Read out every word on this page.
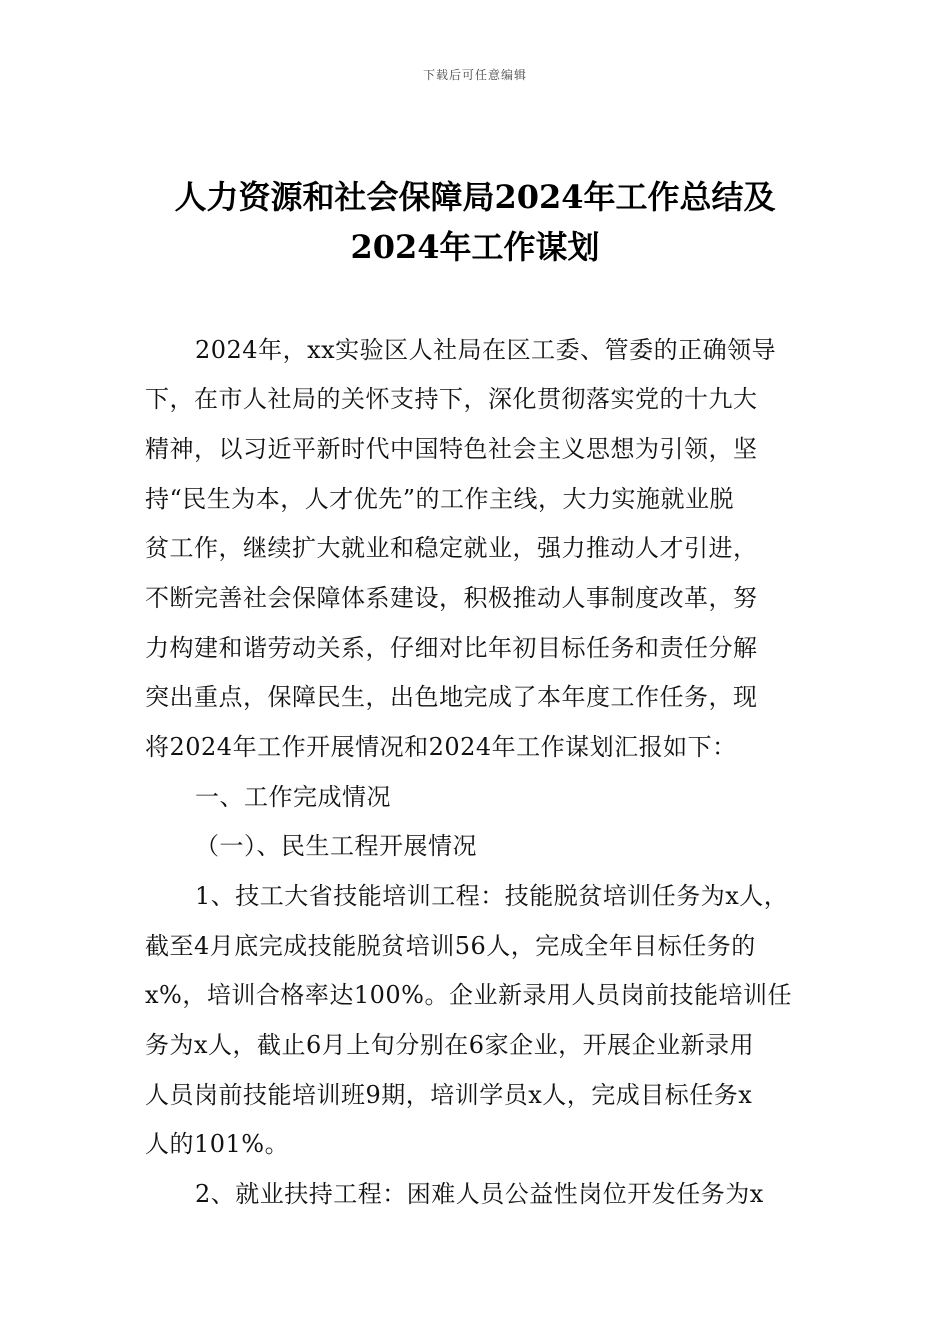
下载后可任意编辑
人力资源和社会保障局2024年工作总结及
2024年工作谋划
2024年，xx实验区人社局在区工委、管委的正确领导
下，在市人社局的关怀支持下，深化贯彻落实党的十九大
精神，以习近平新时代中国特色社会主义思想为引领，坚
持“民生为本，人才优先”的工作主线，大力实施就业脱
贫工作，继续扩大就业和稳定就业，强力推动人才引进，
不断完善社会保障体系建设，积极推动人事制度改革，努
力构建和谐劳动关系，仔细对比年初目标任务和责任分解
突出重点，保障民生，出色地完成了本年度工作任务，现
将2024年工作开展情况和2024年工作谋划汇报如下：
一、工作完成情况
（一）、民生工程开展情况
1、技工大省技能培训工程：技能脱贫培训任务为x人，
截至4月底完成技能脱贫培训56人，完成全年目标任务的
x%，培训合格率达100%。企业新录用人员岗前技能培训任
务为x人，截止6月上旬分别在6家企业，开展企业新录用
人员岗前技能培训班9期，培训学员x人，完成目标任务x
人的101%。
2、就业扶持工程：困难人员公益性岗位开发任务为x
